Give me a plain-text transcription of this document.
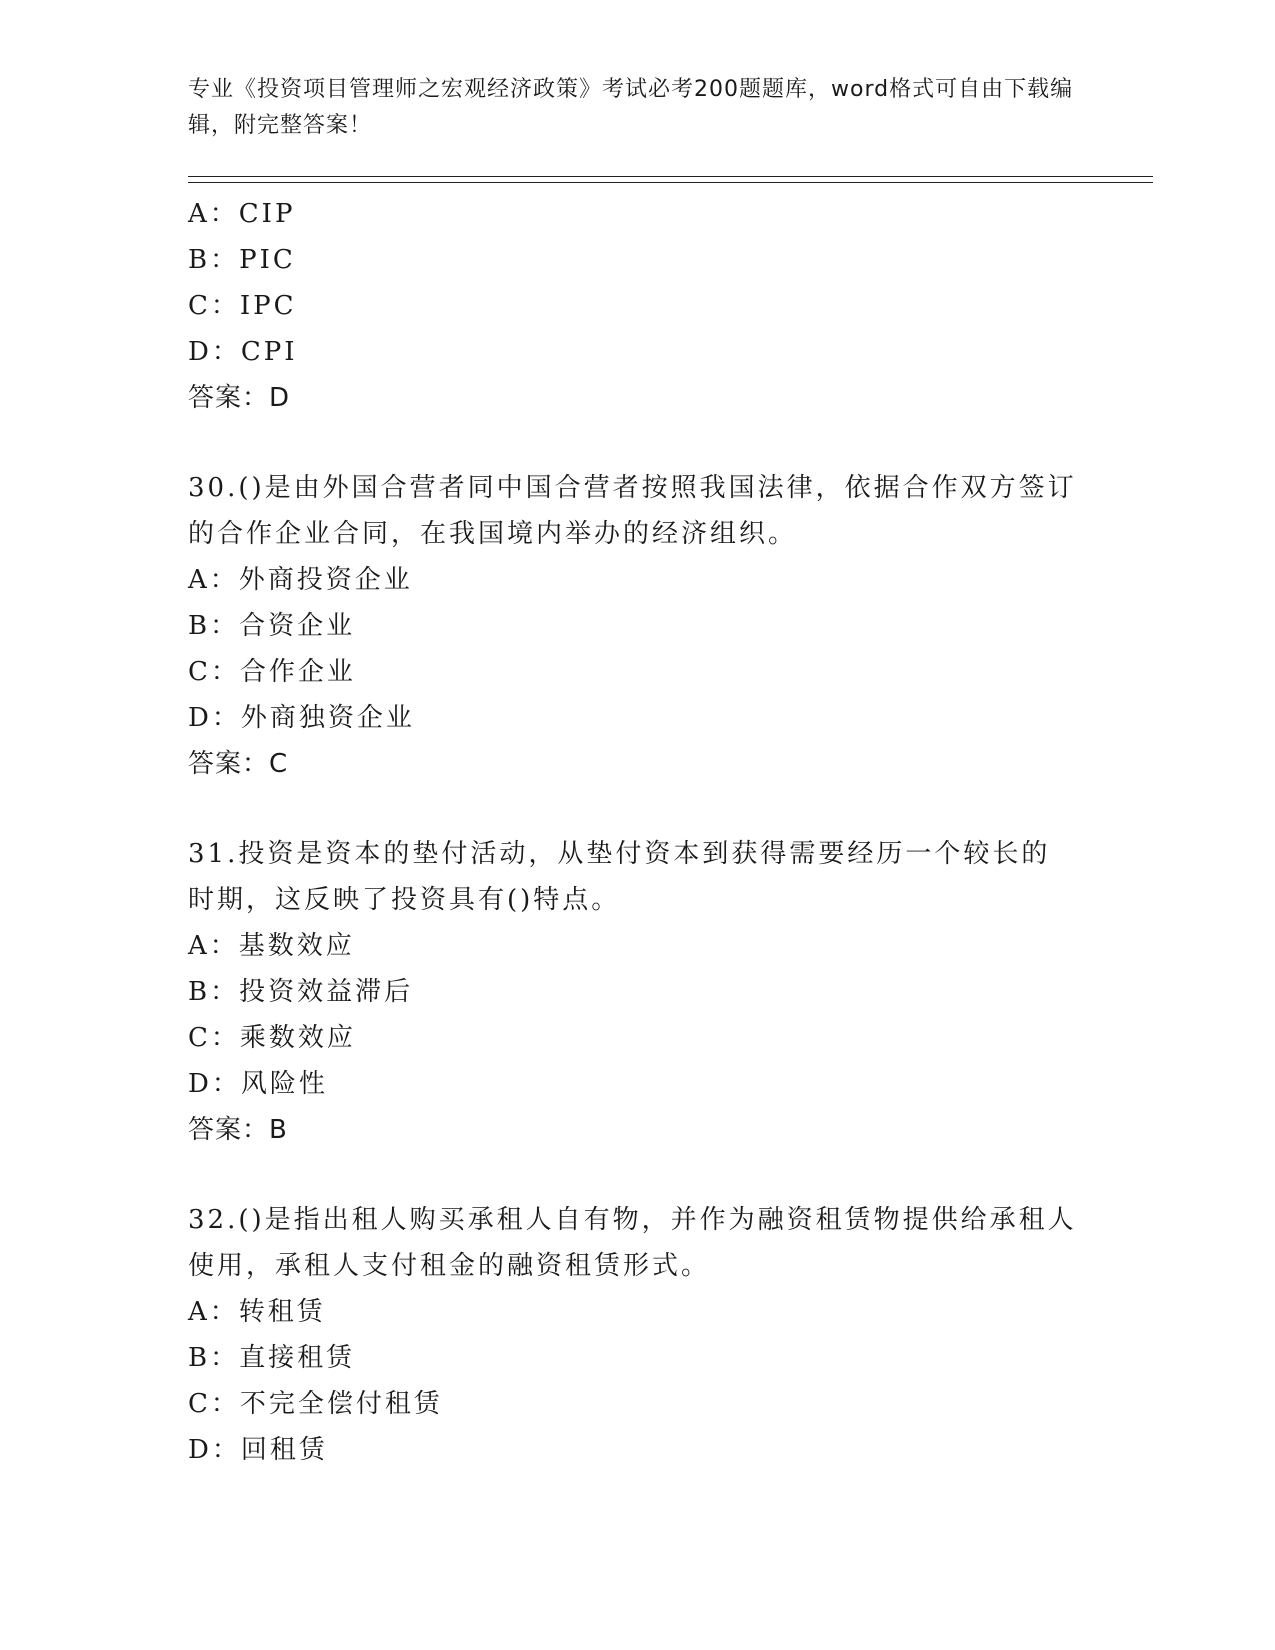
专业《投资项目管理师之宏观经济政策》考试必考200题题库，word格式可自由下载编辑，附完整答案！
A：CIP
B：PIC
C：IPC
D：CPI
答案：D
30.()是由外国合营者同中国合营者按照我国法律，依据合作双方签订的合作企业合同，在我国境内举办的经济组织。
A：外商投资企业
B：合资企业
C：合作企业
D：外商独资企业
答案：C
31.投资是资本的垫付活动，从垫付资本到获得需要经历一个较长的时期，这反映了投资具有()特点。
A：基数效应
B：投资效益滞后
C：乘数效应
D：风险性
答案：B
32.()是指出租人购买承租人自有物，并作为融资租赁物提供给承租人使用，承租人支付租金的融资租赁形式。
A：转租赁
B：直接租赁
C：不完全偿付租赁
D：回租赁
